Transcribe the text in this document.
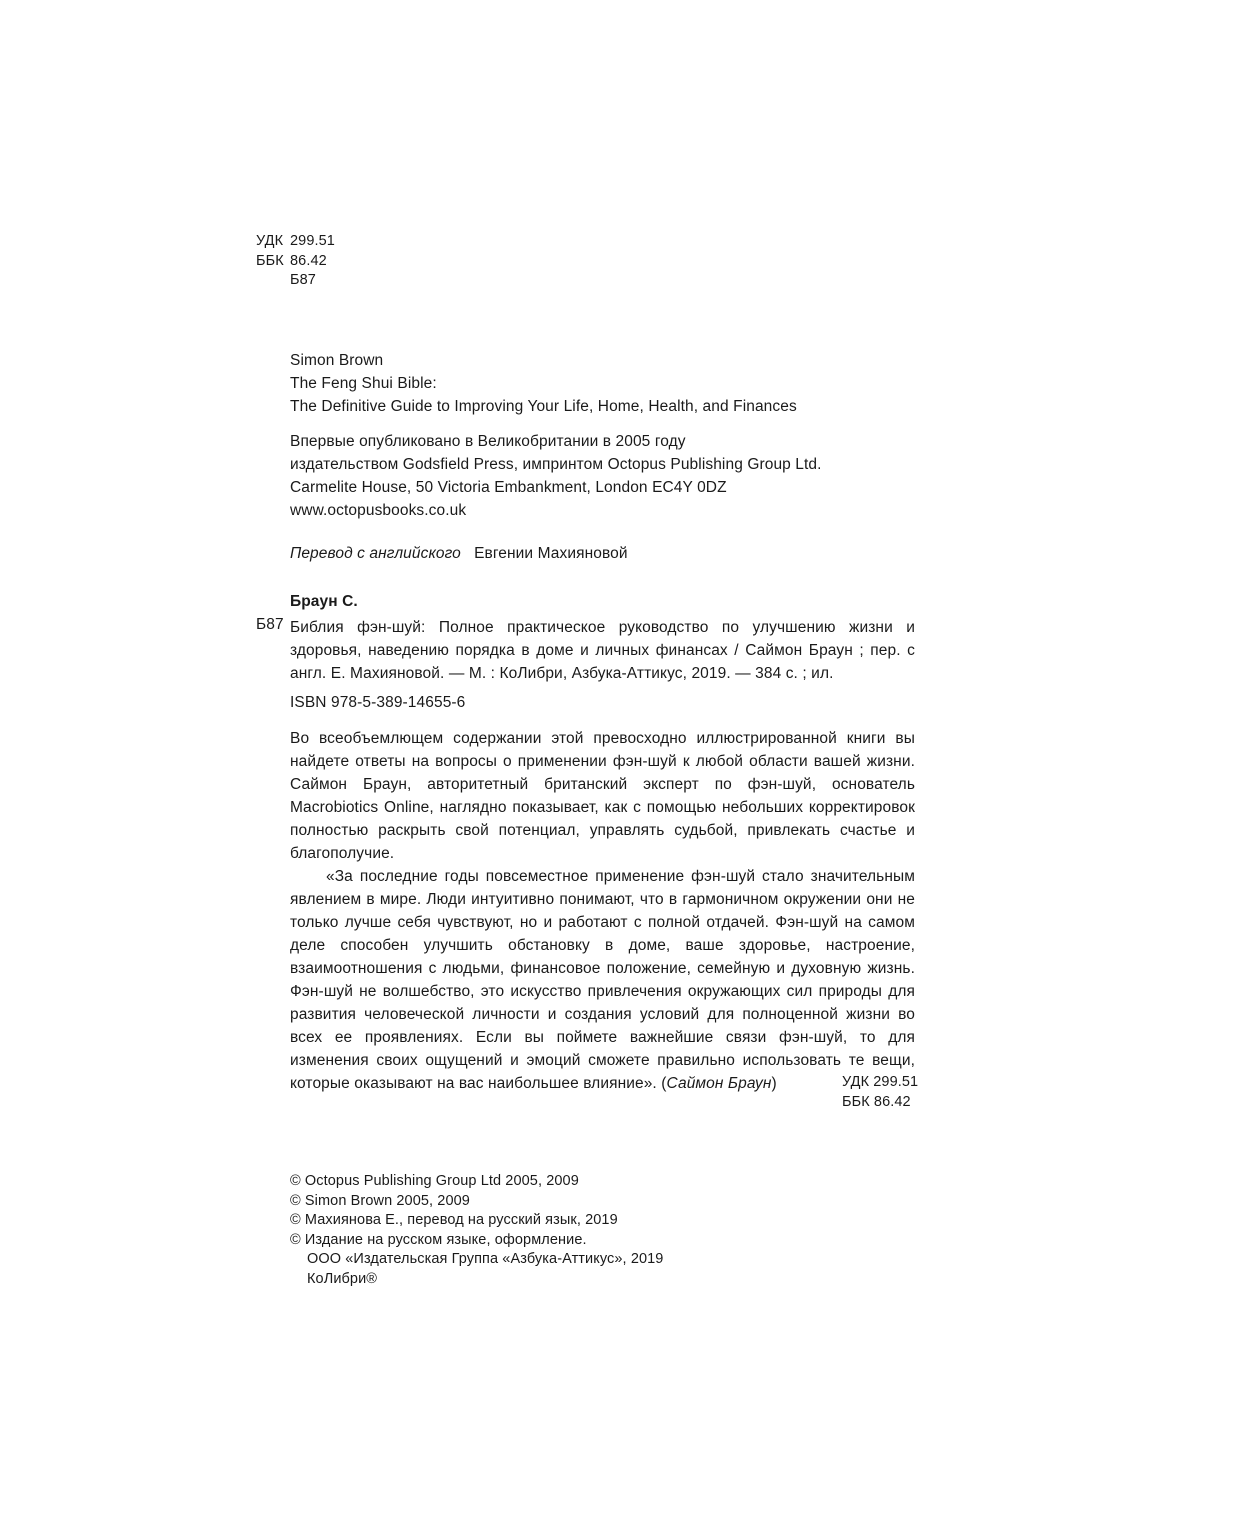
УДК 299.51
ББК 86.42
Б87
Simon Brown
The Feng Shui Bible:
The Definitive Guide to Improving Your Life, Home, Health, and Finances
Впервые опубликовано в Великобритании в 2005 году
издательством Godsfield Press, импринтом Octopus Publishing Group Ltd.
Carmelite House, 50 Victoria Embankment, London EC4Y 0DZ
www.octopusbooks.co.uk
Перевод с английского Евгении Махияновой
Браун С.
Б87 Библия фэн-шуй: Полное практическое руководство по улучшению жизни и здоровья, наведению порядка в доме и личных финансах / Саймон Браун ; пер. с англ. Е. Махияновой. — М. : КоЛибри, Азбука-Аттикус, 2019. — 384 с. ; ил.
ISBN 978-5-389-14655-6

Во всеобъемлющем содержании этой превосходно иллюстрированной книги вы найдете ответы на вопросы о применении фэн-шуй к любой области вашей жизни. Саймон Браун, авторитетный британский эксперт по фэн-шуй, основатель Macrobiotics Online, наглядно показывает, как с помощью небольших корректировок полностью раскрыть свой потенциал, управлять судьбой, привлекать счастье и благополучие.

«За последние годы повсеместное применение фэн-шуй стало значительным явлением в мире. Люди интуитивно понимают, что в гармоничном окружении они не только лучше себя чувствуют, но и работают с полной отдачей. Фэн-шуй на самом деле способен улучшить обстановку в доме, ваше здоровье, настроение, взаимоотношения с людьми, финансовое положение, семейную и духовную жизнь. Фэн-шуй не волшебство, это искусство привлечения окружающих сил природы для развития человеческой личности и создания условий для полноценной жизни во всех ее проявлениях. Если вы поймете важнейшие связи фэн-шуй, то для изменения своих ощущений и эмоций сможете правильно использовать те вещи, которые оказывают на вас наибольшее влияние». (Саймон Браун)	УДК 299.51
ББК 86.42
© Octopus Publishing Group Ltd 2005, 2009
© Simon Brown 2005, 2009
© Махиянова Е., перевод на русский язык, 2019
© Издание на русском языке, оформление.
ООО «Издательская Группа «Азбука-Аттикус», 2019
КоЛибри®
